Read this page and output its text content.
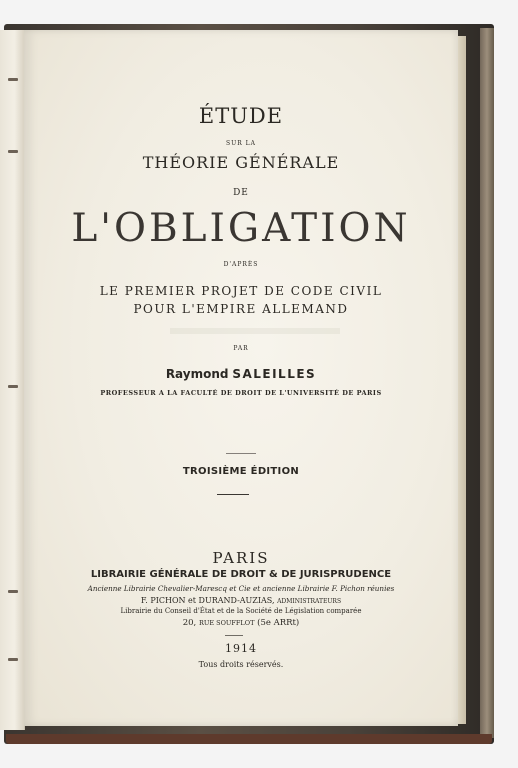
ÉTUDE

SUR LA

THÉORIE GÉNÉRALE

DE

L'OBLIGATION

D'APRÈS

LE PREMIER PROJET DE CODE CIVIL

POUR L'EMPIRE ALLEMAND

PAR

Raymond SALEILLES

PROFESSEUR A LA FACULTÉ DE DROIT DE L'UNIVERSITÉ DE PARIS

TROISIÈME ÉDITION

PARIS

LIBRAIRIE GÉNÉRALE DE DROIT & DE JURISPRUDENCE

Ancienne Librairie Chevalier-Marescq et Cie et ancienne Librairie F. Pichon réunies

F. PICHON et DURAND-AUZIAS, ADMINISTRATEURS

Librairie du Conseil d'État et de la Société de Législation comparée

20, RUE SOUFFLOT (5e ARRt)

1914

Tous droits réservés.
